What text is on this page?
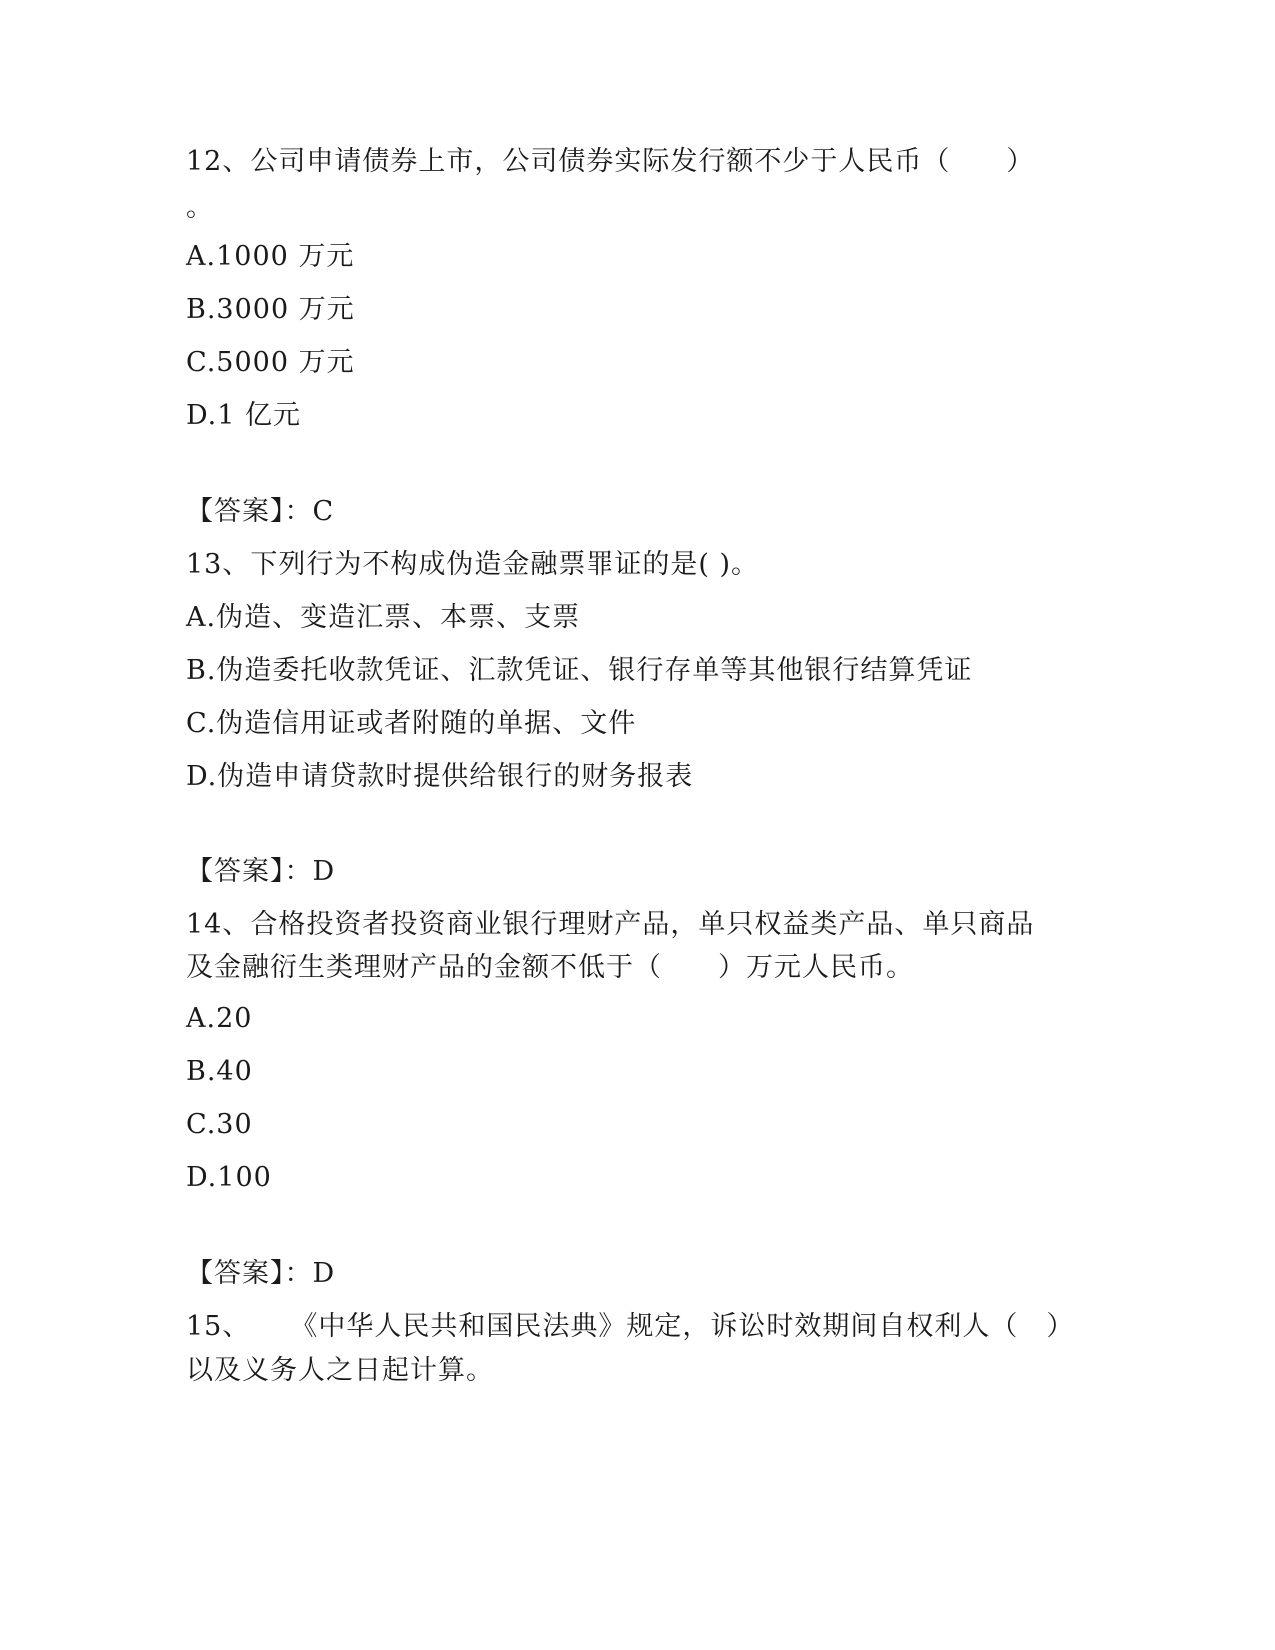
12、公司申请债券上市，公司债券实际发行额不少于人民币（　　）
。
A.1000 万元
B.3000 万元
C.5000 万元
D.1 亿元
【答案】：C
13、下列行为不构成伪造金融票罪证的是( )。
A.伪造、变造汇票、本票、支票
B.伪造委托收款凭证、汇款凭证、银行存单等其他银行结算凭证
C.伪造信用证或者附随的单据、文件
D.伪造申请贷款时提供给银行的财务报表
【答案】：D
14、合格投资者投资商业银行理财产品，单只权益类产品、单只商品
及金融衍生类理财产品的金额不低于（　　）万元人民币。
A.20
B.40
C.30
D.100
【答案】：D
15、 《中华人民共和国民法典》规定，诉讼时效期间自权利人（　）
以及义务人之日起计算。
